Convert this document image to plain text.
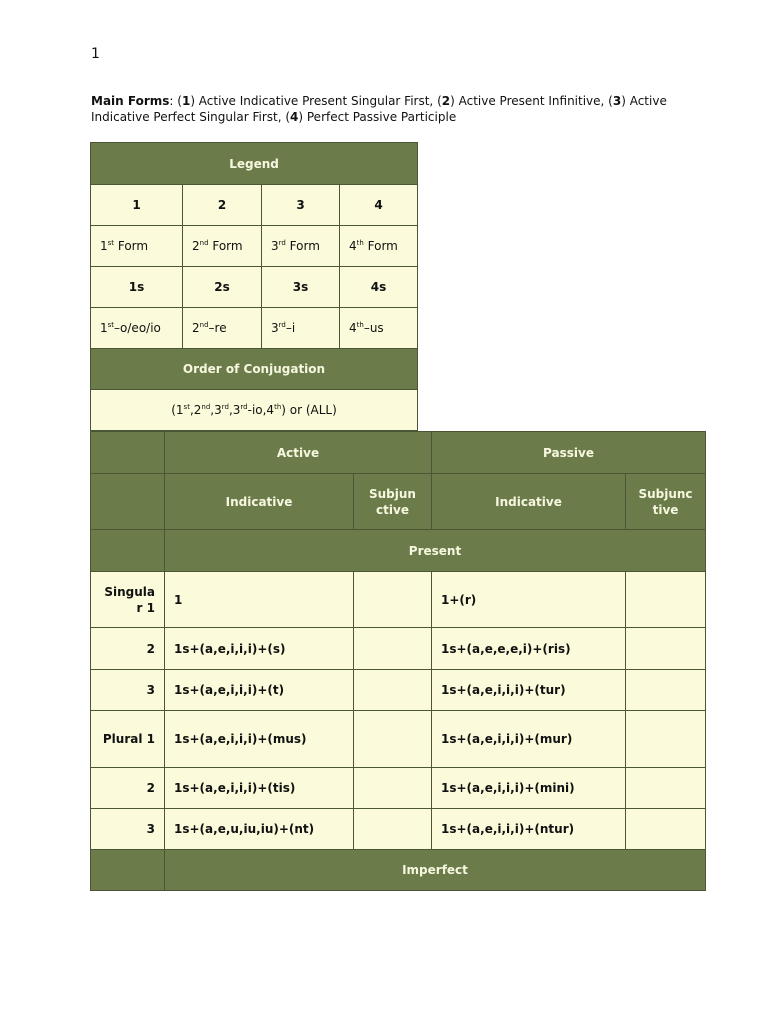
1
Main Forms: (1) Active Indicative Present Singular First, (2) Active Present Infinitive, (3) Active Indicative Perfect Singular First, (4) Perfect Passive Participle
Legend			
1	2	3	4
1st Form	2nd Form	3rd Form	4th Form
1s	2s	3s	4s
1st–o/eo/io	2nd–re	3rd–i	4th–us
Order of Conjugation			
(1st,2nd,3rd,3rd-io,4th) or (ALL)			
	Active		Passive	
	Indicative	Subjun ctive	Indicative	Subjunc tive
	Present			
Singula r 1	1		1+(r)	
2	1s+(a,e,i,i,i)+(s)		1s+(a,e,e,e,i)+(ris)	
3	1s+(a,e,i,i,i)+(t)		1s+(a,e,i,i,i)+(tur)	
Plural 1	1s+(a,e,i,i,i)+(mus)		1s+(a,e,i,i,i)+(mur)	
2	1s+(a,e,i,i,i)+(tis)		1s+(a,e,i,i,i)+(mini)	
3	1s+(a,e,u,iu,iu)+(nt)		1s+(a,e,i,i,i)+(ntur)	
	Imperfect			
